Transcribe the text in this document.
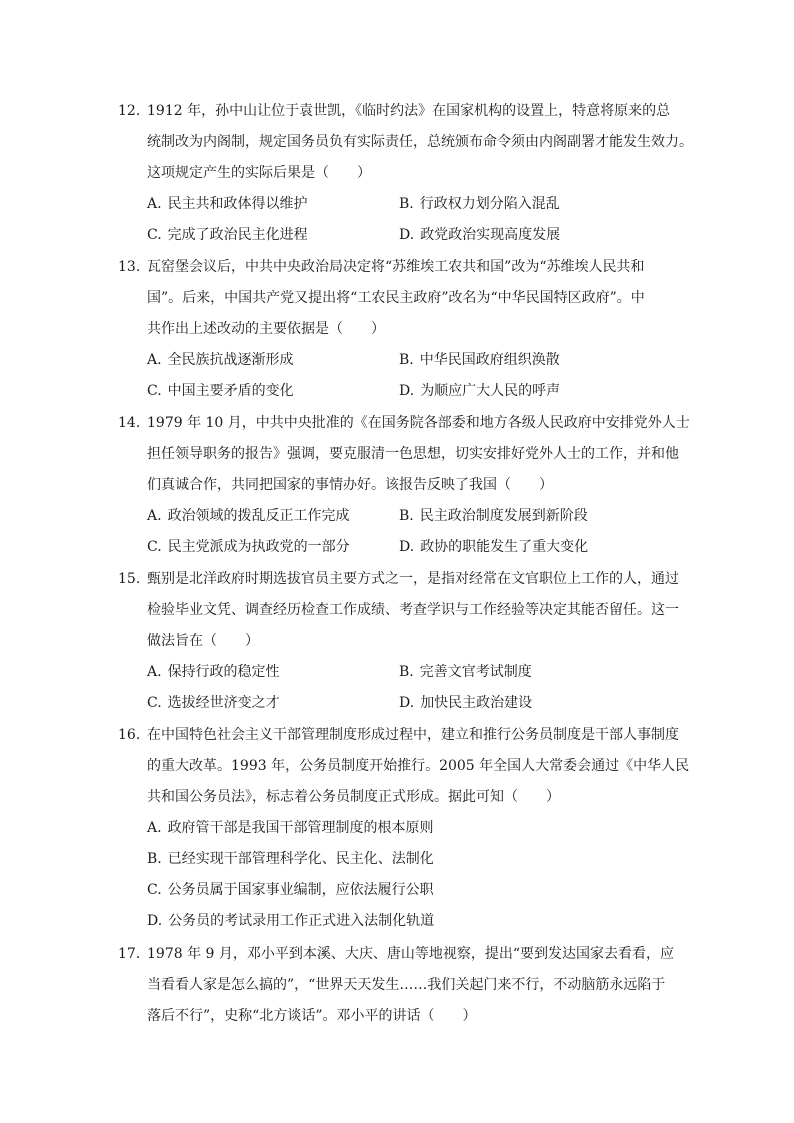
12. 1912 年，孙中山让位于袁世凯，《临时约法》在国家机构的设置上，特意将原来的总
统制改为内阁制，规定国务员负有实际责任，总统颁布命令须由内阁副署才能发生效力。
这项规定产生的实际后果是（　　）
A. 民主共和政体得以维护	B. 行政权力划分陷入混乱
C. 完成了政治民主化进程	D. 政党政治实现高度发展
13. 瓦窑堡会议后，中共中央政治局决定将“苏维埃工农共和国”改为“苏维埃人民共和
国”。后来，中国共产党又提出将“工农民主政府”改名为“中华民国特区政府”。中
共作出上述改动的主要依据是（　　）
A. 全民族抗战逐渐形成	B. 中华民国政府组织涣散
C. 中国主要矛盾的变化	D. 为顺应广大人民的呼声
14. 1979 年 10 月，中共中央批准的《在国务院各部委和地方各级人民政府中安排党外人士
担任领导职务的报告》强调，要克服清一色思想，切实安排好党外人士的工作，并和他
们真诚合作，共同把国家的事情办好。该报告反映了我国（　　）
A. 政治领域的拨乱反正工作完成	B. 民主政治制度发展到新阶段
C. 民主党派成为执政党的一部分	D. 政协的职能发生了重大变化
15. 甄别是北洋政府时期选拔官员主要方式之一，是指对经常在文官职位上工作的人，通过
检验毕业文凭、调查经历检查工作成绩、考查学识与工作经验等决定其能否留任。这一
做法旨在（　　）
A. 保持行政的稳定性	B. 完善文官考试制度
C. 选拔经世济变之才	D. 加快民主政治建设
16. 在中国特色社会主义干部管理制度形成过程中，建立和推行公务员制度是干部人事制度
的重大改革。1993 年，公务员制度开始推行。2005 年全国人大常委会通过《中华人民
共和国公务员法》，标志着公务员制度正式形成。据此可知（　　）
A. 政府管干部是我国干部管理制度的根本原则
B. 已经实现干部管理科学化、民主化、法制化
C. 公务员属于国家事业编制，应依法履行公职
D. 公务员的考试录用工作正式进入法制化轨道
17. 1978 年 9 月，邓小平到本溪、大庆、唐山等地视察，提出“要到发达国家去看看，应
当看看人家是怎么搞的”，“世界天天发生……我们关起门来不行，不动脑筋永远陷于
落后不行”，史称“北方谈话”。邓小平的讲话（　　）
